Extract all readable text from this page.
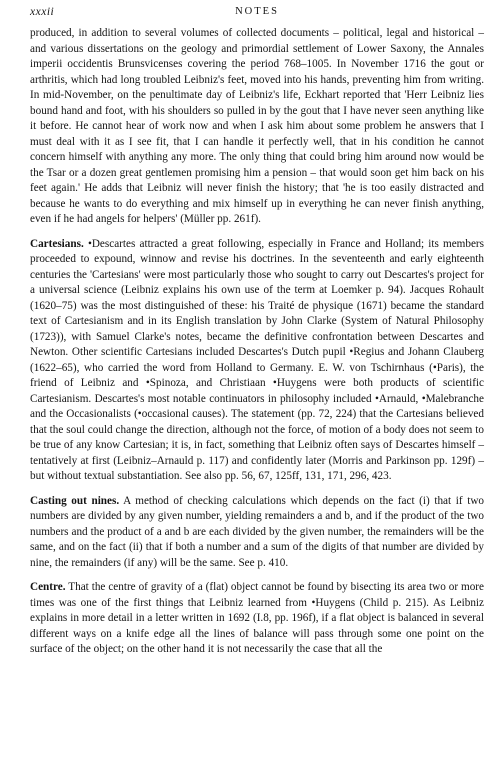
xxxii	NOTES

produced, in addition to several volumes of collected documents – political, legal and historical – and various dissertations on the geology and primordial settlement of Lower Saxony, the Annales imperii occidentis Brunsvicenses covering the period 768–1005. In November 1716 the gout or arthritis, which had long troubled Leibniz's feet, moved into his hands, preventing him from writing. In mid-November, on the penultimate day of Leibniz's life, Eckhart reported that 'Herr Leibniz lies bound hand and foot, with his shoulders so pulled in by the gout that I have never seen anything like it before. He cannot hear of work now and when I ask him about some problem he answers that I must deal with it as I see fit, that I can handle it perfectly well, that in his condition he cannot concern himself with anything any more. The only thing that could bring him around now would be the Tsar or a dozen great gentlemen promising him a pension – that would soon get him back on his feet again.' He adds that Leibniz will never finish the history; that 'he is too easily distracted and because he wants to do everything and mix himself up in everything he can never finish anything, even if he had angels for helpers' (Müller pp. 261f).

Cartesians. •Descartes attracted a great following, especially in France and Holland; its members proceeded to expound, winnow and revise his doctrines. In the seventeenth and early eighteenth centuries the 'Cartesians' were most particularly those who sought to carry out Descartes's project for a universal science (Leibniz explains his own use of the term at Loemker p. 94). Jacques Rohault (1620–75) was the most distinguished of these: his Traité de physique (1671) became the standard text of Cartesianism and in its English translation by John Clarke (System of Natural Philosophy (1723)), with Samuel Clarke's notes, became the definitive confrontation between Descartes and Newton. Other scientific Cartesians included Descartes's Dutch pupil •Regius and Johann Clauberg (1622–65), who carried the word from Holland to Germany. E. W. von Tschirnhaus (•Paris), the friend of Leibniz and •Spinoza, and Christiaan •Huygens were both products of scientific Cartesianism. Descartes's most notable continuators in philosophy included •Arnauld, •Malebranche and the Occasionalists (•occasional causes). The statement (pp. 72, 224) that the Cartesians believed that the soul could change the direction, although not the force, of motion of a body does not seem to be true of any know Cartesian; it is, in fact, something that Leibniz often says of Descartes himself – tentatively at first (Leibniz–Arnauld p. 117) and confidently later (Morris and Parkinson pp. 129f) – but without textual substantiation. See also pp. 56, 67, 125ff, 131, 171, 296, 423.

Casting out nines. A method of checking calculations which depends on the fact (i) that if two numbers are divided by any given number, yielding remainders a and b, and if the product of the two numbers and the product of a and b are each divided by the given number, the remainders will be the same, and on the fact (ii) that if both a number and a sum of the digits of that number are divided by nine, the remainders (if any) will be the same. See p. 410.

Centre. That the centre of gravity of a (flat) object cannot be found by bisecting its area two or more times was one of the first things that Leibniz learned from •Huygens (Child p. 215). As Leibniz explains in more detail in a letter written in 1692 (I.8, pp. 196f), if a flat object is balanced in several different ways on a knife edge all the lines of balance will pass through some one point on the surface of the object; on the other hand it is not necessarily the case that all the
